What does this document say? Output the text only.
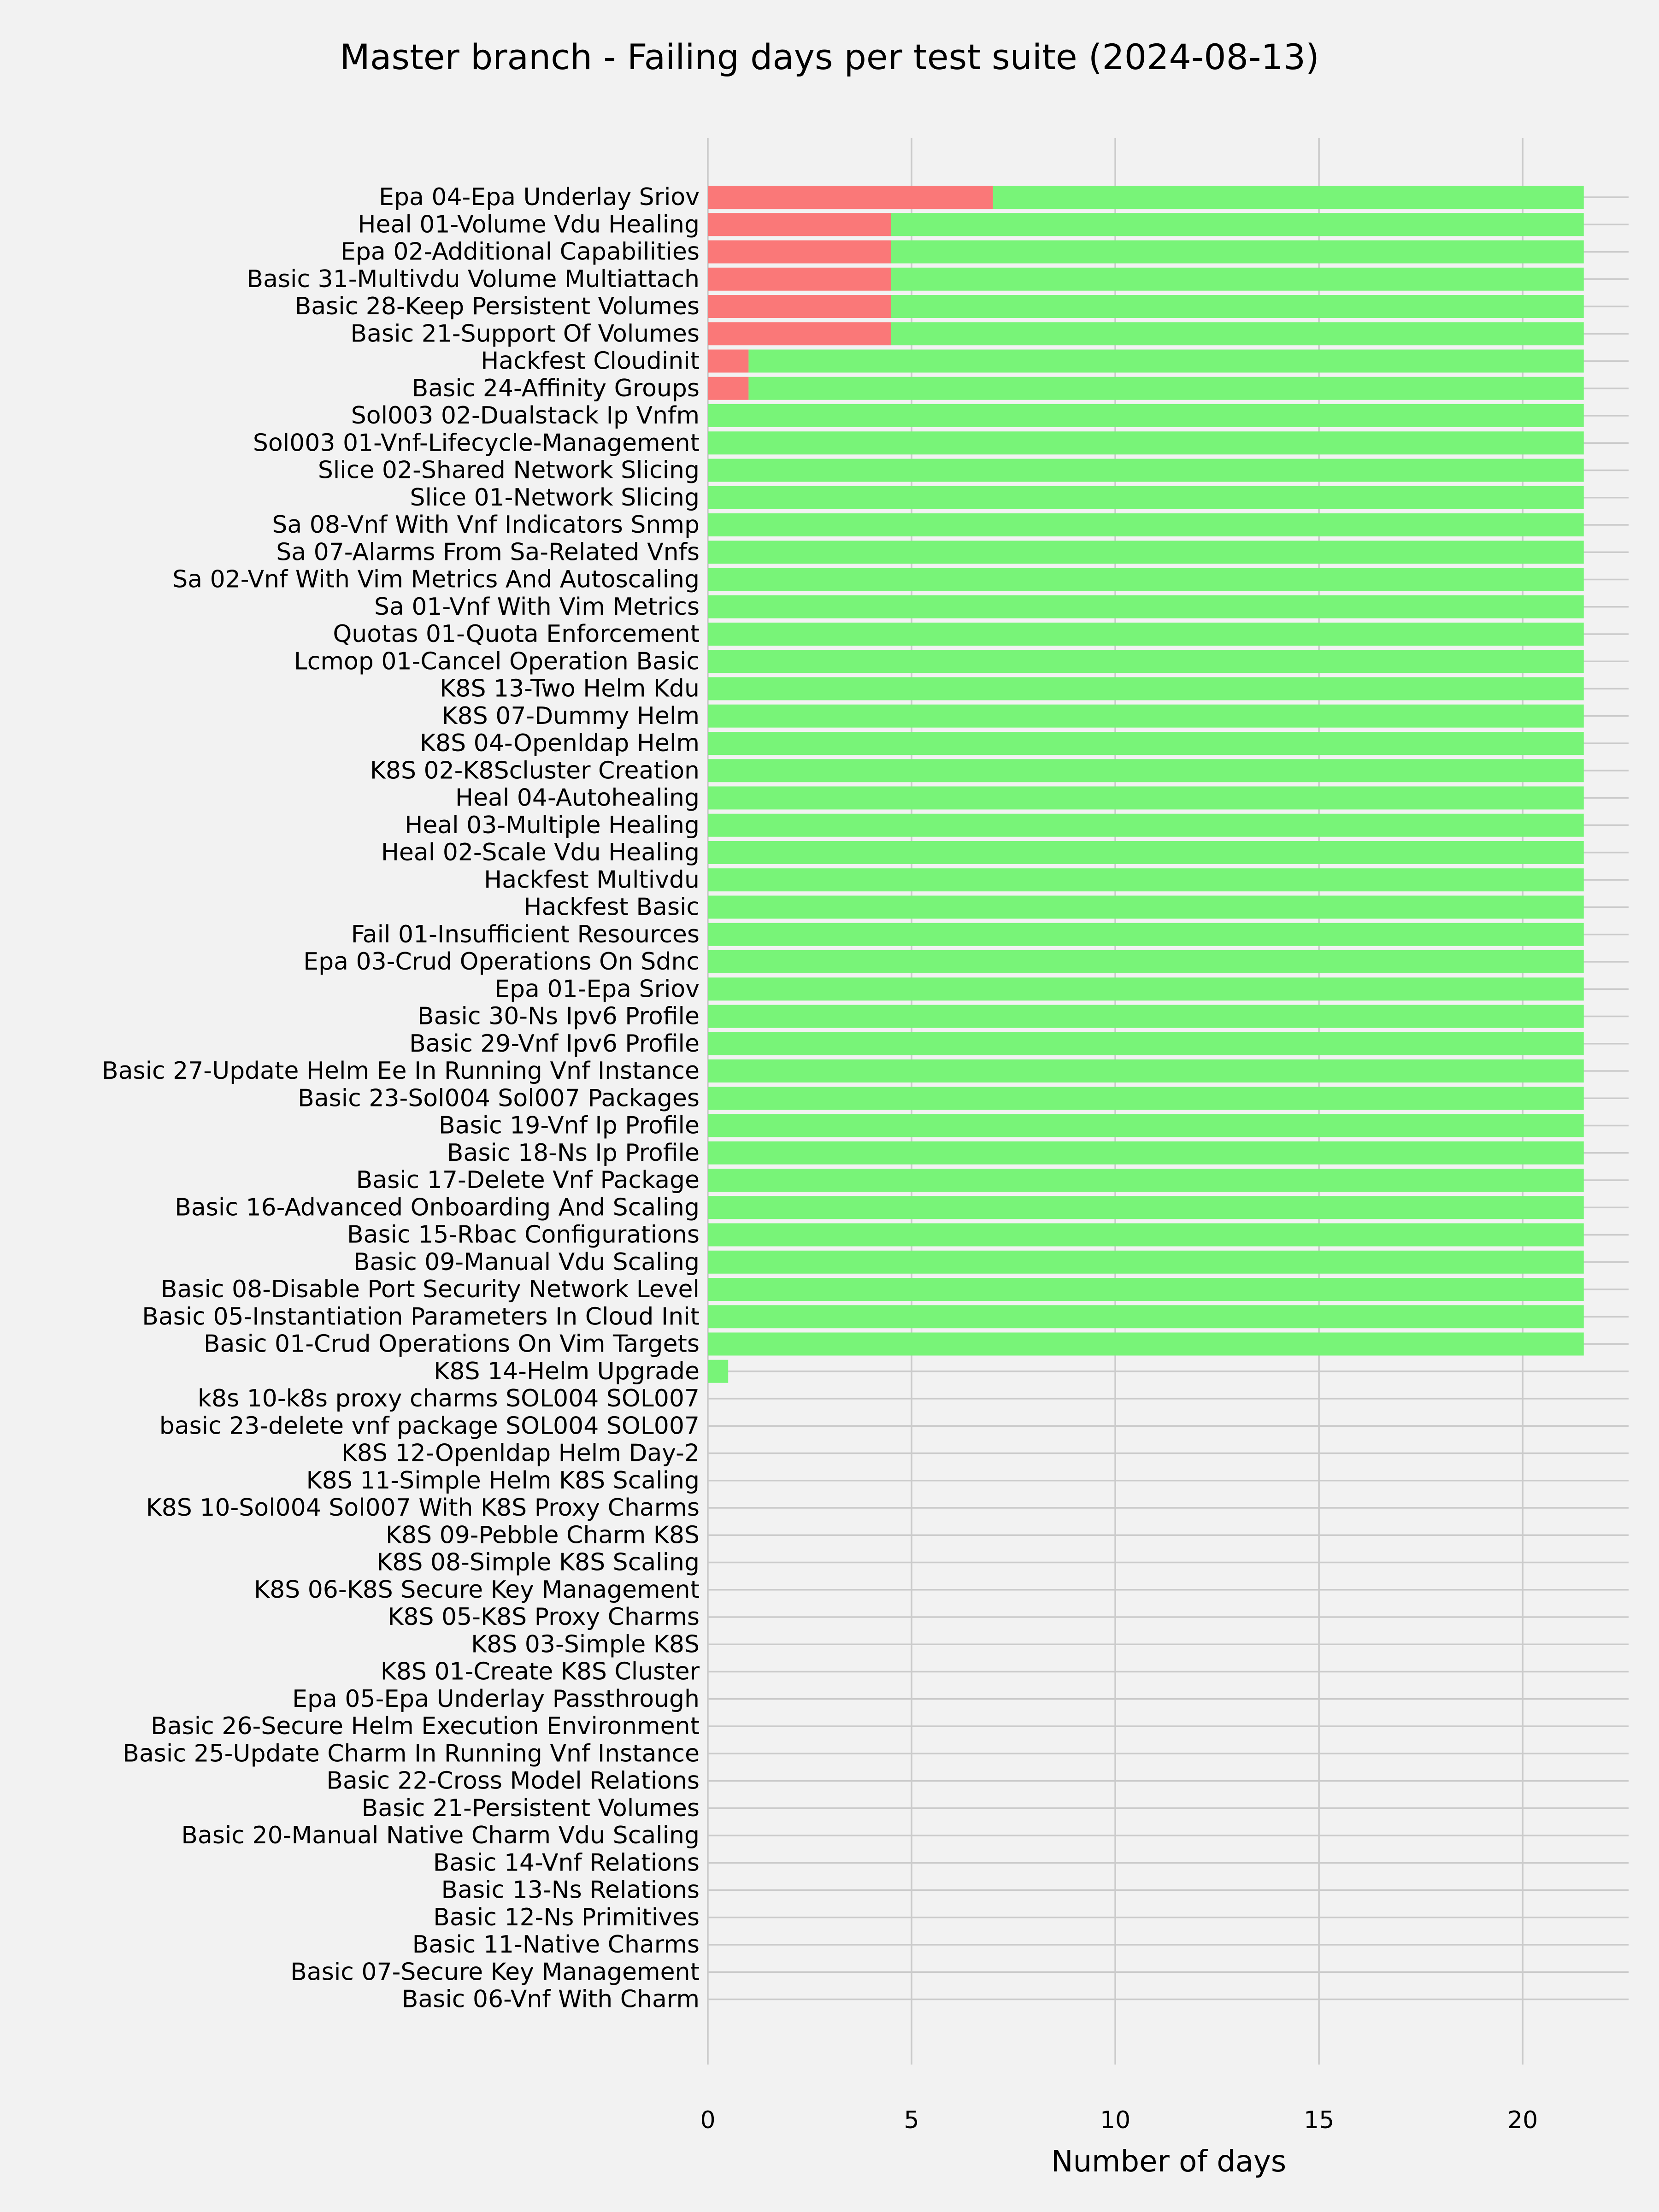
Epa 04-Epa Underlay Sriov
Heal 01-Volume Vdu Healing
Epa 02-Additional Capabilities
Basic 31-Multivdu Volume Multiattach
Basic 28-Keep Persistent Volumes
Basic 21-Support Of Volumes
Hackfest Cloudinit
Basic 24-Affinity Groups
Sol003 02-Dualstack Ip Vnfm
Sol003 01-Vnf-Lifecycle-Management
Slice 02-Shared Network Slicing
Slice 01-Network Slicing
Sa 08-Vnf With Vnf Indicators Snmp
Sa 07-Alarms From Sa-Related Vnfs
Sa 02-Vnf With Vim Metrics And Autoscaling
Sa 01-Vnf With Vim Metrics
Quotas 01-Quota Enforcement
Lcmop 01-Cancel Operation Basic
K8S 13-Two Helm Kdu
K8S 07-Dummy Helm
K8S 04-Openldap Helm
K8S 02-K8Scluster Creation
Heal 04-Autohealing
Heal 03-Multiple Healing
Heal 02-Scale Vdu Healing
Hackfest Multivdu
Hackfest Basic
Fail 01-Insufficient Resources
Epa 03-Crud Operations On Sdnc
Epa 01-Epa Sriov
Basic 30-Ns Ipv6 Profile
Basic 29-Vnf Ipv6 Profile
Basic 27-Update Helm Ee In Running Vnf Instance
Basic 23-Sol004 Sol007 Packages
Basic 19-Vnf Ip Profile
Basic 18-Ns Ip Profile
Basic 17-Delete Vnf Package
Basic 16-Advanced Onboarding And Scaling
Basic 15-Rbac Configurations
Basic 09-Manual Vdu Scaling
Basic 08-Disable Port Security Network Level
Basic 05-Instantiation Parameters In Cloud Init
Basic 01-Crud Operations On Vim Targets
K8S 14-Helm Upgrade
k8s 10-k8s proxy charms SOL004 SOL007
basic 23-delete vnf package SOL004 SOL007
K8S 12-Openldap Helm Day-2
K8S 11-Simple Helm K8S Scaling
K8S 10-Sol004 Sol007 With K8S Proxy Charms
K8S 09-Pebble Charm K8S
K8S 08-Simple K8S Scaling
K8S 06-K8S Secure Key Management
K8S 05-K8S Proxy Charms
K8S 03-Simple K8S
K8S 01-Create K8S Cluster
Epa 05-Epa Underlay Passthrough
Basic 26-Secure Helm Execution Environment
Basic 25-Update Charm In Running Vnf Instance
Basic 22-Cross Model Relations
Basic 21-Persistent Volumes
Basic 20-Manual Native Charm Vdu Scaling
Basic 14-Vnf Relations
Basic 13-Ns Relations
Basic 12-Ns Primitives
Basic 11-Native Charms
Basic 07-Secure Key Management
Basic 06-Vnf With Charm
0	5	10	15	20
Master branch - Failing days per test suite (2024-08-13)
Number of days
